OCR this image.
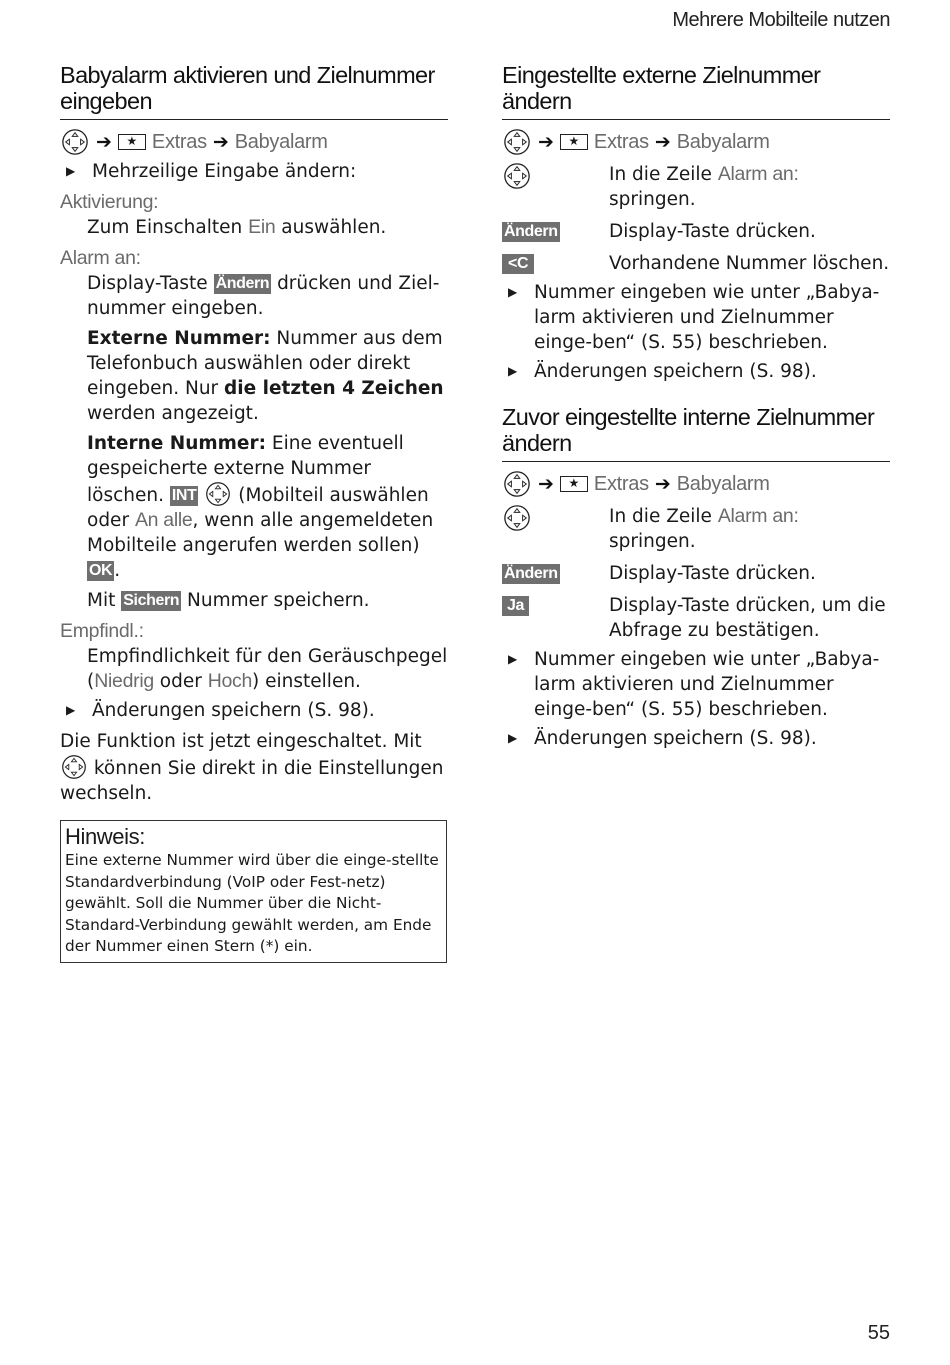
Mehrere Mobilteile nutzen
Babyalarm aktivieren und Zielnummer eingeben
➔	★ Extras ➔ Babyalarm
▶ Mehrzeilige Eingabe ändern:
Aktivierung:
Zum Einschalten Ein auswählen.
Alarm an:
Display-Taste Ändern drücken und Ziel-nummer eingeben.
Externe Nummer: Nummer aus dem Telefonbuch auswählen oder direkt eingeben. Nur die letzten 4 Zeichen werden angezeigt.
Interne Nummer: Eine eventuell gespeicherte externe Nummer löschen. INT  (Mobilteil auswählen oder An alle, wenn alle angemeldeten Mobilteile angerufen werden sollen) OK .
Mit Sichern Nummer speichern.
Empfindl.:
Empfindlichkeit für den Geräuschpegel (Niedrig oder Hoch) einstellen.
▶ Änderungen speichern (S. 98).
Die Funktion ist jetzt eingeschaltet. Mit  können Sie direkt in die Einstellungen wechseln.
Hinweis:
Eine externe Nummer wird über die einge-stellte Standardverbindung (VoIP oder Fest-netz) gewählt. Soll die Nummer über die Nicht-Standard-Verbindung gewählt werden, am Ende der Nummer einen Stern (*) ein.
Eingestellte externe Zielnummer ändern
➔	★ Extras ➔ Babyalarm
In die Zeile Alarm an: springen.
Ändern	Display-Taste drücken.
<C	Vorhandene Nummer löschen.
▶ Nummer eingeben wie unter „Babya-larm aktivieren und Zielnummer einge-ben“ (S. 55) beschrieben.
▶ Änderungen speichern (S. 98).
Zuvor eingestellte interne Zielnummer ändern
➔	★ Extras ➔ Babyalarm
In die Zeile Alarm an: springen.
Ändern	Display-Taste drücken.
Ja	Display-Taste drücken, um die Abfrage zu bestätigen.
▶ Nummer eingeben wie unter „Babya-larm aktivieren und Zielnummer einge-ben“ (S. 55) beschrieben.
▶ Änderungen speichern (S. 98).
55
